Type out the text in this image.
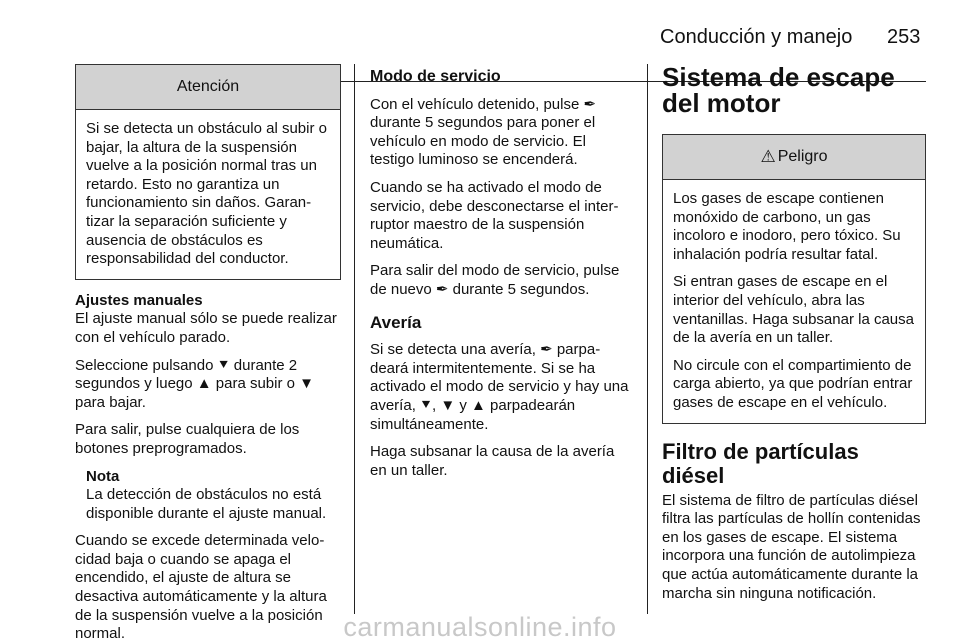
Conducción y manejo 253
Atención

Si se detecta un obstáculo al subir o bajar, la altura de la suspensión vuelve a la posición normal tras un retardo. Esto no garantiza un funcionamiento sin daños. Garantizar la separación suficiente y ausencia de obstáculos es responsabilidad del conductor.

Ajustes manuales

El ajuste manual sólo se puede realizar con el vehículo parado.

Seleccione pulsando ⯆ durante 2 segundos y luego ▲ para subir o ▼ para bajar.

Para salir, pulse cualquiera de los botones preprogramados.

Nota

La detección de obstáculos no está disponible durante el ajuste manual.

Cuando se excede determinada velocidad baja o cuando se apaga el encendido, el ajuste de altura se desactiva automáticamente y la altura de la suspensión vuelve a la posición normal.

Modo de servicio

Con el vehículo detenido, pulse ✒ durante 5 segundos para poner el vehículo en modo de servicio. El testigo luminoso se encenderá.

Cuando se ha activado el modo de servicio, debe desconectarse el interruptor maestro de la suspensión neumática.

Para salir del modo de servicio, pulse de nuevo ✒ durante 5 segundos.

Avería

Si se detecta una avería, ✒ parpadeará intermitentemente. Si se ha activado el modo de servicio y hay una avería, ⯆, ▼ y ▲ parpadearán simultáneamente.

Haga subsanar la causa de la avería en un taller.

Sistema de escape del motor
⚠ Peligro

Los gases de escape contienen monóxido de carbono, un gas incoloro e inodoro, pero tóxico. Su inhalación podría resultar fatal.

Si entran gases de escape en el interior del vehículo, abra las ventanillas. Haga subsanar la causa de la avería en un taller.

No circule con el compartimiento de carga abierto, ya que podrían entrar gases de escape en el vehículo.

Filtro de partículas diésel

El sistema de filtro de partículas diésel filtra las partículas de hollín contenidas en los gases de escape. El sistema incorpora una función de autolimpieza que actúa automáticamente durante la marcha sin ninguna notificación.

carmanualsonline.info
